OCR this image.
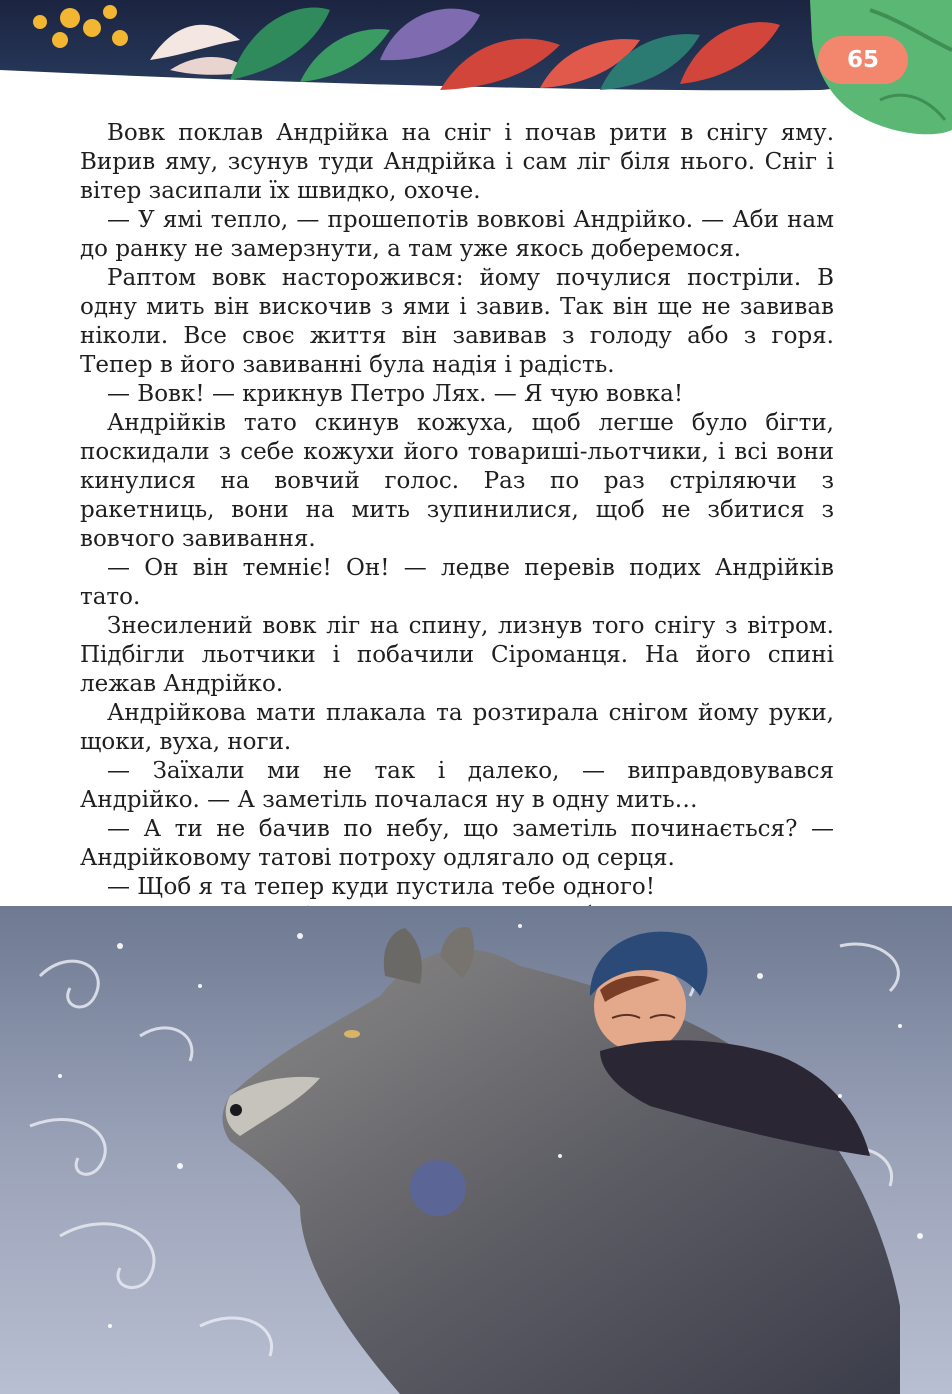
65

Вовк поклав Андрійка на сніг і почав рити в снігу яму. Вирив яму, зсунув туди Андрійка і сам ліг біля нього. Сніг і вітер засипали їх швидко, охоче.

— У ямі тепло, — прошепотів вовкові Андрійко. — Аби нам до ранку не замерзнути, а там уже якось доберемося.

Раптом вовк насторожився: йому почулися постріли. В одну мить він вискочив з ями і завив. Так він ще не завивав ніколи. Все своє життя він завивав з голоду або з горя. Тепер в його завиванні була надія і радість.

— Вовк! — крикнув Петро Лях. — Я чую вовка!

Андрійків тато скинув кожуха, щоб легше було бігти, поскидали з себе кожухи його товариші-льотчики, і всі вони кинулися на вовчий голос. Раз по раз стріляючи з ракетниць, вони на мить зупинилися, щоб не збитися з вовчого завивання.

— Он він темніє! Он! — ледве перевів подих Андрійків тато.

Знесилений вовк ліг на спину, лизнув того снігу з вітром. Підбігли льотчики і побачили Сіроманця. На його спині лежав Андрійко.

Андрійкова мати плакала та розтирала снігом йому руки, щоки, вуха, ноги.

— Заїхали ми не так і далеко, — виправдовувався Андрійко. — А заметіль почалася ну в одну мить…

— А ти не бачив по небу, що заметіль починається? — Андрійковому татові потроху одлягало од серця.

— Щоб я та тепер куди пустила тебе одного!
